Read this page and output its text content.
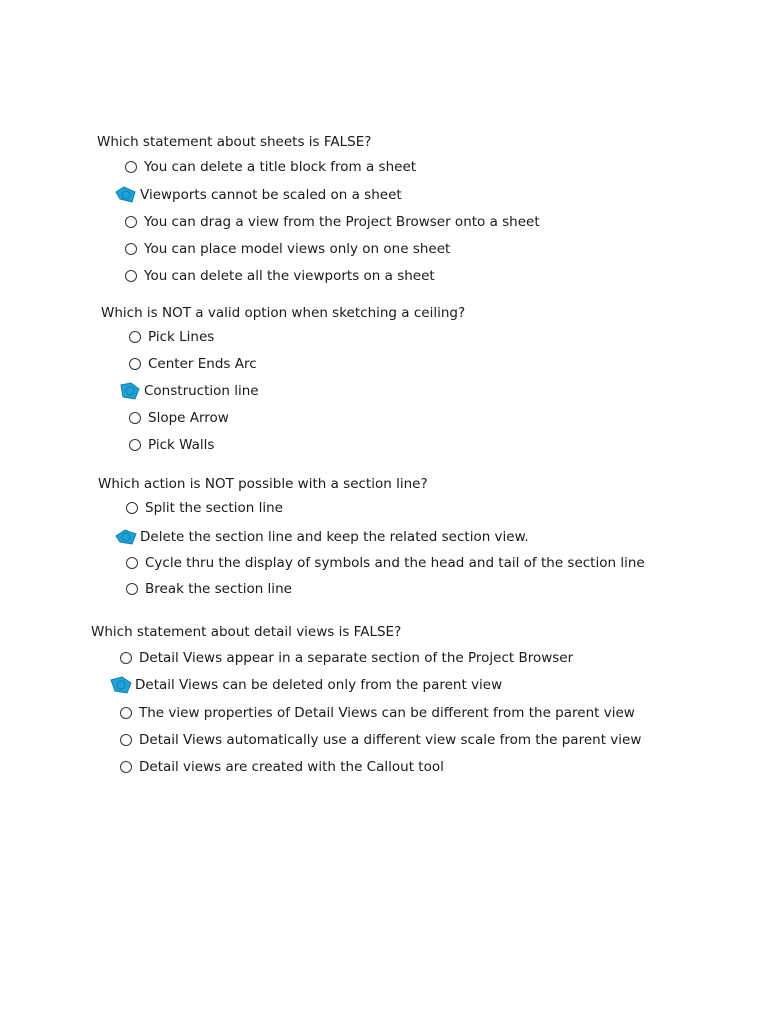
Which statement about sheets is FALSE?
You can delete a title block from a sheet
Viewports cannot be scaled on a sheet
You can drag a view from the Project Browser onto a sheet
You can place model views only on one sheet
You can delete all the viewports on a sheet
Which is NOT a valid option when sketching a ceiling?
Pick Lines
Center Ends Arc
Construction line
Slope Arrow
Pick Walls
Which action is NOT possible with a section line?
Split the section line
Delete the section line and keep the related section view.
Cycle thru the display of symbols and the head and tail of the section line
Break the section line
Which statement about detail views is FALSE?
Detail Views appear in a separate section of the Project Browser
Detail Views can be deleted only from the parent view
The view properties of Detail Views can be different from the parent view
Detail Views automatically use a different view scale from the parent view
Detail views are created with the Callout tool
